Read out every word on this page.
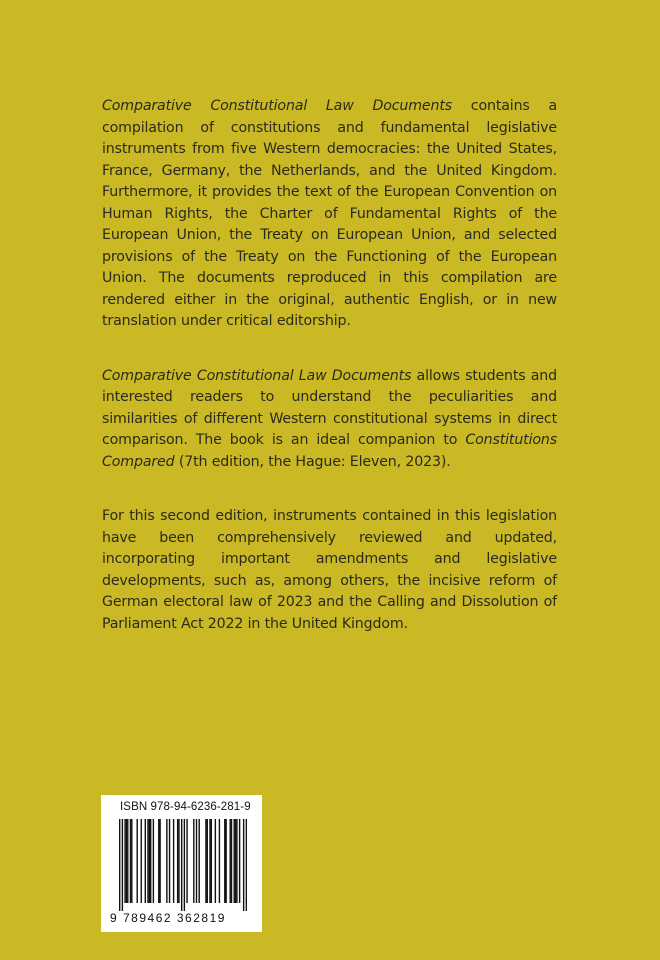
Comparative Constitutional Law Documents contains a compilation of constitutions and fundamental legislative instruments from five Western democracies: the United States, France, Germany, the Netherlands, and the United Kingdom. Furthermore, it provides the text of the European Convention on Human Rights, the Charter of Fundamental Rights of the European Union, the Treaty on European Union, and selected provisions of the Treaty on the Functioning of the European Union. The documents reproduced in this compilation are rendered either in the original, authentic English, or in new translation under critical editorship.

Comparative Constitutional Law Documents allows students and interested readers to understand the peculiarities and similarities of different Western constitutional systems in direct comparison. The book is an ideal companion to Constitutions Compared (7th edition, the Hague: Eleven, 2023).

For this second edition, instruments contained in this legislation have been comprehensively reviewed and updated, incorporating important amendments and legislative developments, such as, among others, the incisive reform of German electoral law of 2023 and the Calling and Dissolution of Parliament Act 2022 in the United Kingdom.

ISBN 978-94-6236-281-9
9 789462 362819
